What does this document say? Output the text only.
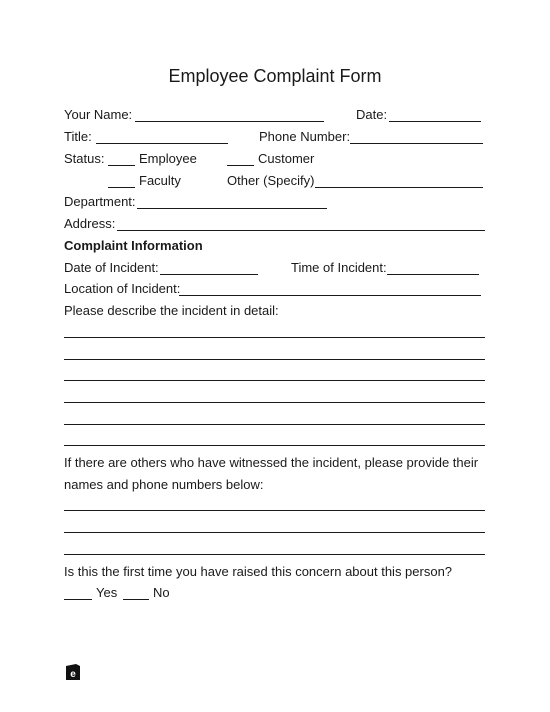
Employee Complaint Form
Your Name:	Date:
Title:	Phone Number:
Status:	Employee	Customer
Faculty	Other (Specify)
Department:
Address:
Complaint Information
Date of Incident:	Time of Incident:
Location of Incident:
Please describe the incident in detail:
If there are others who have witnessed the incident, please provide their
names and phone numbers below:
Is this the first time you have raised this concern about this person?
Yes	No
e
